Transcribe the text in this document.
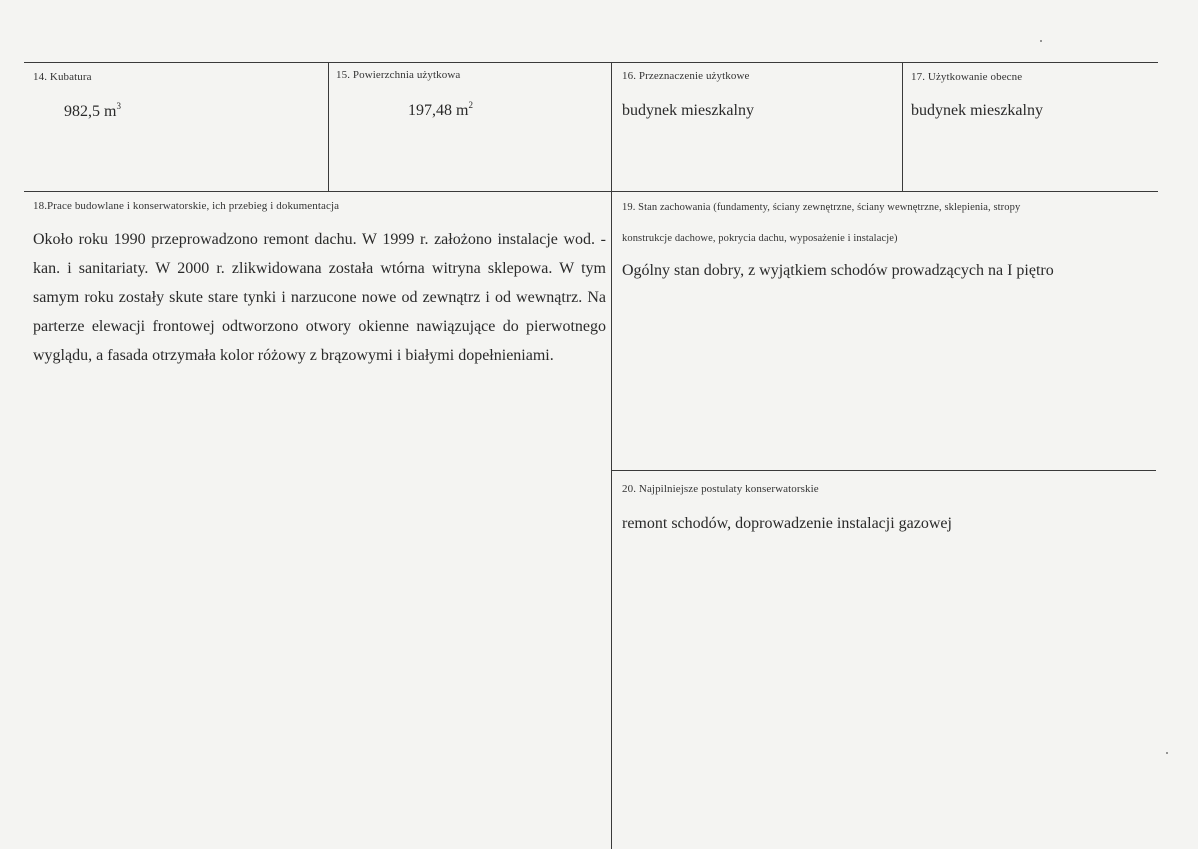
14. Kubatura
982,5 $m^3$
15. Powierzchnia użytkowa
197,48 $m^2$
16. Przeznaczenie użytkowe
budynek mieszkalny
17. Użytkowanie obecne
budynek mieszkalny
18.Prace budowlane i konserwatorskie, ich przebieg i dokumentacja
Około roku 1990 przeprowadzono remont dachu. W 1999 r. założono instalacje wod. - kan. i sanitariaty. W 2000 r. zlikwidowana została wtórna witryna sklepowa. W tym samym roku zostały skute stare tynki i narzucone nowe od zewnątrz i od wewnątrz. Na parterze elewacji frontowej odtworzono otwory okienne nawiązujące do pierwotnego wyglądu, a fasada otrzymała kolor różowy z brązowymi i białymi dopełnieniami.
19. Stan zachowania (fundamenty, ściany zewnętrzne, ściany wewnętrzne, sklepienia, stropy
konstrukcje dachowe, pokrycia dachu, wyposażenie i instalacje)
Ogólny stan dobry, z wyjątkiem schodów prowadzących na I piętro
20. Najpilniejsze postulaty konserwatorskie
remont schodów, doprowadzenie instalacji gazowej
